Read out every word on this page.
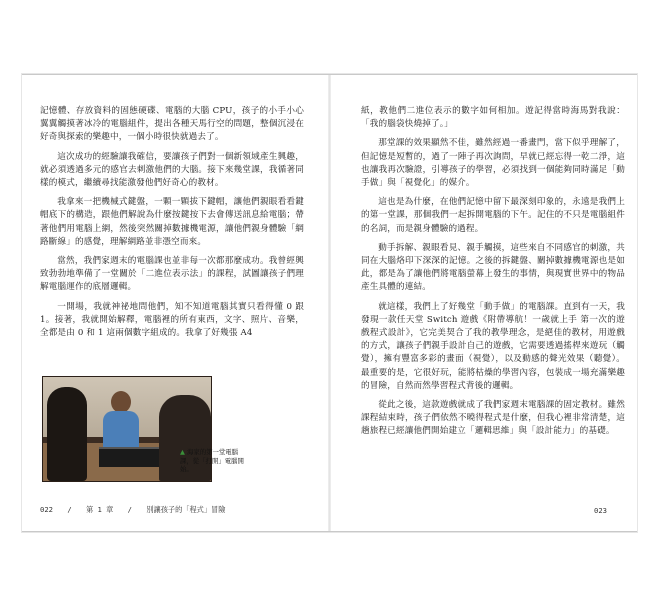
記憶體、存放資料的固態硬碟、電腦的大腦 CPU，孩子的小手小心翼翼觸摸著冰冷的電腦組件，提出各種天馬行空的問題，整個沉浸在好奇與探索的樂趣中，一個小時很快就過去了。

這次成功的經驗讓我確信，要讓孩子們對一個新領域產生興趣，就必須透過多元的感官去刺激他們的大腦。接下來幾堂課，我循著同樣的模式，繼續尋找能激發他們好奇心的教材。

我拿來一把機械式鍵盤，一顆一顆拔下鍵帽，讓他們親眼看看鍵帽底下的構造，跟他們解說為什麼按鍵按下去會傳送訊息給電腦；帶著他們用電腦上網，然後突然關掉數據機電源，讓他們親身體驗「網路斷線」的感覺，理解網路並非憑空而來。

當然，我們家週末的電腦課也並非每一次都那麼成功。我曾經興致勃勃地準備了一堂關於「二進位表示法」的課程，試圖讓孩子們理解電腦運作的底層邏輯。

一開場，我就神祕地問他們，知不知道電腦其實只看得懂 0 跟 1。接著，我就開始解釋，電腦裡的所有東西，文字、照片、音樂，全都是由 0 和 1 這兩個數字組成的。我拿了好幾張 A4

▲ 海家的第一堂電腦課，從「打開」電腦開始。
022 / 第 1 章 / 別讓孩子的「程式」冒險

紙，教他們二進位表示的數字如何相加。遊記得當時海馬對我說：「我的腦袋快燒掉了。」

那堂課的效果顯然不佳，雖然經過一番畫門，當下似乎理解了，但記憶是短暫的，過了一陣子再次詢問，早就已經忘得一乾二淨，這也讓我再次驗證，引導孩子的學習，必須找到一個能夠同時滿足「動手做」與「視覺化」的媒介。

這也是為什麼，在他們記憶中留下最深刻印象的，永遠是我們上的第一堂課，那個我們一起拆開電腦的下午。記住的不只是電腦組件的名詞，而是親身體驗的過程。

動手拆解、親眼看見、親手觸摸，這些來自不同感官的刺激，共同在大腦烙印下深深的記憶。之後的拆鍵盤、關掉數據機電源也是如此，都是為了讓他們將電腦螢幕上發生的事情，與現實世界中的物品產生具體的連結。

就這樣，我們上了好幾堂「動手做」的電腦課。直到有一天，我發現一款任天堂 Switch 遊戲《附帶導航！一歲就上手 第一次的遊戲程式設計》，它完美契合了我的教學理念，是絕佳的教材，用遊戲的方式，讓孩子們親手設計自己的遊戲，它需要透過搖桿來遊玩（觸覺），擁有豐富多彩的畫面（視覺），以及動感的聲光效果（聽覺）。最重要的是，它很好玩，能將枯燥的學習內容，包裝成一場充滿樂趣的冒險，自然而然學習程式背後的邏輯。

從此之後，這款遊戲就成了我們家週末電腦課的固定教材。雖然課程結束時，孩子們依然不曉得程式是什麼，但我心裡非常清楚，這趟旅程已經讓他們開始建立「邏輯思維」與「設計能力」的基礎。

023
